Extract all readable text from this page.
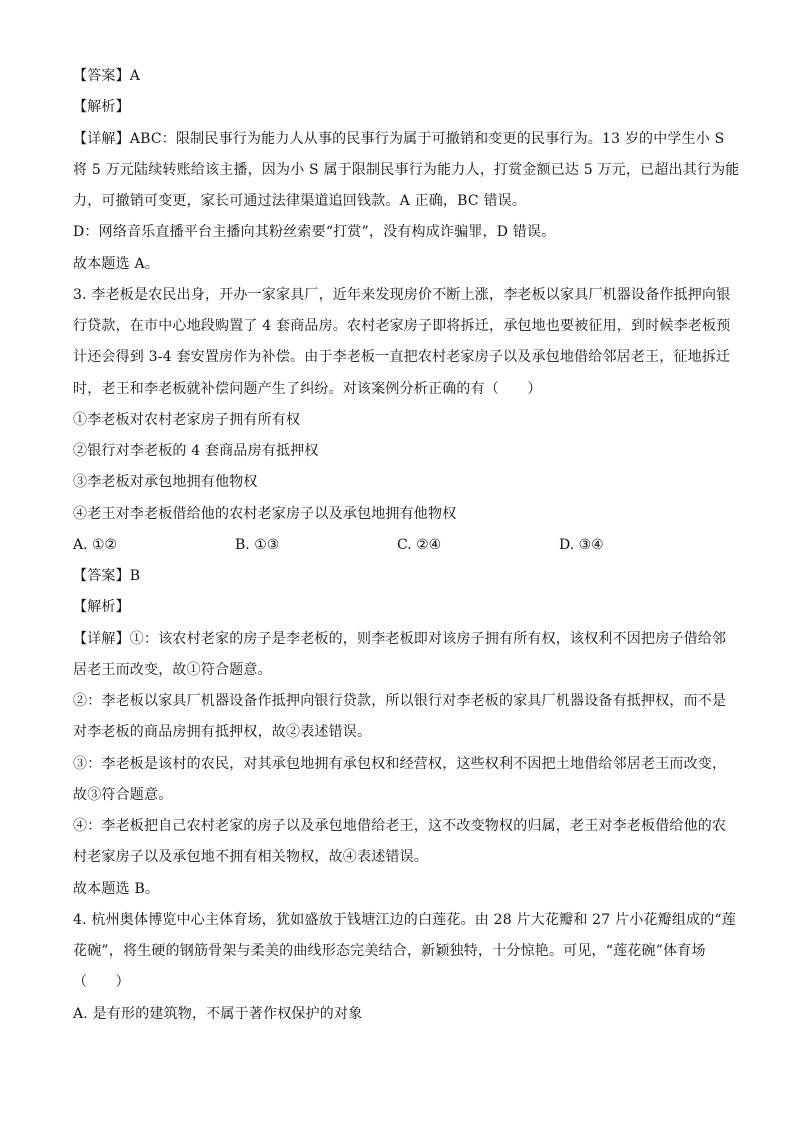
【答案】A
【解析】
【详解】ABC：限制民事行为能力人从事的民事行为属于可撤销和变更的民事行为。13 岁的中学生小 S
将 5 万元陆续转账给该主播，因为小 S 属于限制民事行为能力人，打赏金额已达 5 万元，已超出其行为能
力，可撤销可变更，家长可通过法律渠道追回钱款。A 正确，BC 错误。
D：网络音乐直播平台主播向其粉丝索要“打赏”，没有构成诈骗罪，D 错误。
故本题选 A。
3. 李老板是农民出身，开办一家家具厂，近年来发现房价不断上涨，李老板以家具厂机器设备作抵押向银
行贷款，在市中心地段购置了 4 套商品房。农村老家房子即将拆迁，承包地也要被征用，到时候李老板预
计还会得到 3-4 套安置房作为补偿。由于李老板一直把农村老家房子以及承包地借给邻居老王，征地拆迁
时，老王和李老板就补偿问题产生了纠纷。对该案例分析正确的有（　　）
①李老板对农村老家房子拥有所有权
②银行对李老板的 4 套商品房有抵押权
③李老板对承包地拥有他物权
④老王对李老板借给他的农村老家房子以及承包地拥有他物权
A. ①②	B. ①③	C. ②④	D. ③④
【答案】B
【解析】
【详解】①：该农村老家的房子是李老板的，则李老板即对该房子拥有所有权，该权利不因把房子借给邻
居老王而改变，故①符合题意。
②：李老板以家具厂机器设备作抵押向银行贷款，所以银行对李老板的家具厂机器设备有抵押权，而不是
对李老板的商品房拥有抵押权，故②表述错误。
③：李老板是该村的农民，对其承包地拥有承包权和经营权，这些权利不因把土地借给邻居老王而改变，
故③符合题意。
④：李老板把自己农村老家的房子以及承包地借给老王，这不改变物权的归属，老王对李老板借给他的农
村老家房子以及承包地不拥有相关物权，故④表述错误。
故本题选 B。
4. 杭州奥体博览中心主体育场，犹如盛放于钱塘江边的白莲花。由 28 片大花瓣和 27 片小花瓣组成的“莲
花碗”，将生硬的钢筋骨架与柔美的曲线形态完美结合，新颖独特，十分惊艳。可见，“莲花碗”体育场
（　　）
A. 是有形的建筑物，不属于著作权保护的对象
